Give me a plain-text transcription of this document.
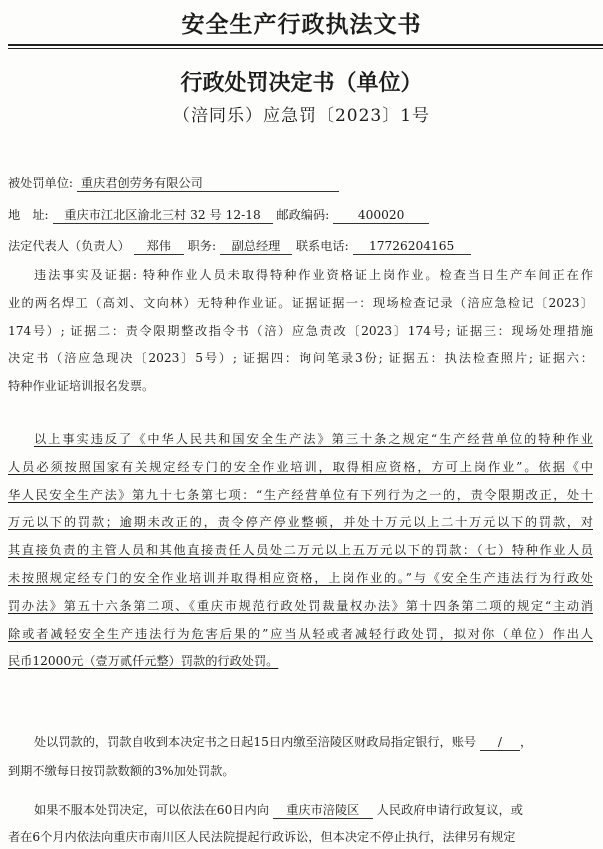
安全生产行政执法文书
行政处罚决定书（单位）
（涪同乐）应急罚〔2023〕1号
被处罚单位: 重庆君创劳务有限公司
地　址: 重庆市江北区渝北三村 32 号 12-18 邮政编码: 400020
法定代表人（负责人） 郑伟 职务: 副总经理 联系电话: 17726204165
违法事实及证据: 特种作业人员未取得特种作业资格证上岗作业。检查当日生产车间正在作
业的两名焊工（高刘、文向林）无特种作业证。证据证据一：现场检查记录（涪应急检记〔2023〕
174号）; 证据二：责令限期整改指令书（涪）应急责改〔2023〕174号; 证据三：现场处理措施
决定书（涪应急现决〔2023〕5号）; 证据四：询问笔录3份; 证据五：执法检查照片; 证据六：
特种作业证培训报名发票。
以上事实违反了《中华人民共和国安全生产法》第三十条之规定“生产经营单位的特种作业
人员必须按照国家有关规定经专门的安全作业培训，取得相应资格，方可上岗作业”。依据《中
华人民安全生产法》第九十七条第七项：“生产经营单位有下列行为之一的，责令限期改正，处十
万元以下的罚款；逾期未改正的，责令停产停业整顿，并处十万元以上二十万元以下的罚款，对
其直接负责的主管人员和其他直接责任人员处二万元以上五万元以下的罚款：（七）特种作业人员
未按照规定经专门的安全作业培训并取得相应资格，上岗作业的。”与《安全生产违法行为行政处
罚办法》第五十六条第二项、《重庆市规范行政处罚裁量权办法》第十四条第二项的规定“主动消
除或者减轻安全生产违法行为危害后果的”应当从轻或者减轻行政处罚，拟对你（单位）作出人
民币12000元（壹万贰仟元整）罚款的行政处罚。
处以罚款的，罚款自收到本决定书之日起15日内缴至涪陵区财政局指定银行，账号 / ，
到期不缴每日按罚款数额的3%加处罚款。
如果不服本处罚决定，可以依法在60日内向 重庆市涪陵区 人民政府申请行政复议，或
者在6个月内依法向重庆市南川区人民法院提起行政诉讼，但本决定不停止执行，法律另有规定
